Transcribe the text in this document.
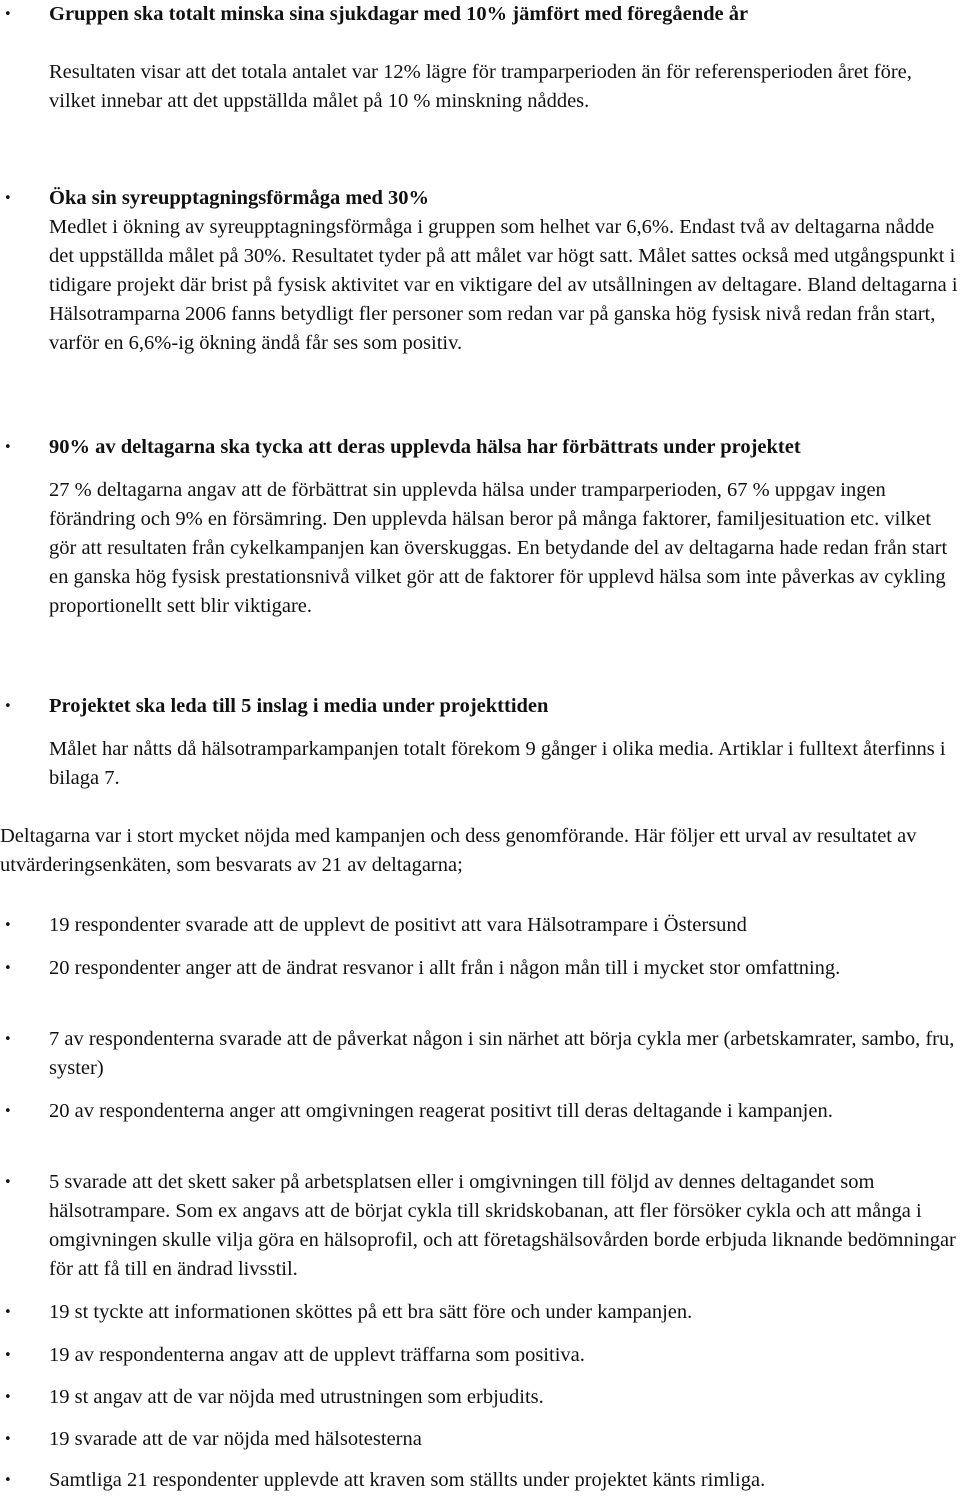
•	Gruppen ska totalt minska sina sjukdagar med 10% jämfört med föregående år

Resultaten visar att det totala antalet var 12% lägre för tramparperioden än för referensperioden året före, vilket innebar att det uppställda målet på 10 % minskning nåddes.

•	Öka sin syreupptagningsförmåga med 30%

Medlet i ökning av syreupptagningsförmåga i gruppen som helhet var 6,6%. Endast två av deltagarna nådde det uppställda målet på 30%. Resultatet tyder på att målet var högt satt. Målet sattes också med utgångspunkt i tidigare projekt där brist på fysisk aktivitet var en viktigare del av utsållningen av deltagare. Bland deltagarna i Hälsotramparna 2006 fanns betydligt fler personer som redan var på ganska hög fysisk nivå redan från start, varför en 6,6%-ig ökning ändå får ses som positiv.

•	90% av deltagarna ska tycka att deras upplevda hälsa har förbättrats under projektet

27 % deltagarna angav att de förbättrat sin upplevda hälsa under tramparperioden, 67 % uppgav ingen förändring och 9% en försämring. Den upplevda hälsan beror på många faktorer, familjesituation etc. vilket gör att resultaten från cykelkampanjen kan överskuggas. En betydande del av deltagarna hade redan från start en ganska hög fysisk prestationsnivå vilket gör att de faktorer för upplevd hälsa som inte påverkas av cykling proportionellt sett blir viktigare.

•	Projektet ska leda till 5 inslag i media under projekttiden

Målet har nåtts då hälsotramparkampanjen totalt förekom 9 gånger i olika media. Artiklar i fulltext återfinns i bilaga 7.

Deltagarna var i stort mycket nöjda med kampanjen och dess genomförande. Här följer ett urval av resultatet av utvärderingsenkäten, som besvarats av 21 av deltagarna;

•	19 respondenter svarade att de upplevt de positivt att vara Hälsotrampare i Östersund

•	20 respondenter anger att de ändrat resvanor i allt från i någon mån till i mycket stor omfattning.

•	7 av respondenterna svarade att de påverkat någon i sin närhet att börja cykla mer (arbetskamrater, sambo, fru, syster)

•	20 av respondenterna anger att omgivningen reagerat positivt till deras deltagande i kampanjen.

•	5 svarade att det skett saker på arbetsplatsen eller i omgivningen till följd av dennes deltagandet som hälsotrampare. Som ex angavs att de börjat cykla till skridskobanan, att fler försöker cykla och att många i omgivningen skulle vilja göra en hälsoprofil, och att företagshälsovården borde erbjuda liknande bedömningar för att få till en ändrad livsstil.

•	19 st tyckte att informationen sköttes på ett bra sätt före och under kampanjen.

•	19 av respondenterna angav att de upplevt träffarna som positiva.

•	19 st angav att de var nöjda med utrustningen som erbjudits.

•	19 svarade att de var nöjda med hälsotesterna

•	Samtliga 21 respondenter upplevde att kraven som ställts under projektet känts rimliga.
